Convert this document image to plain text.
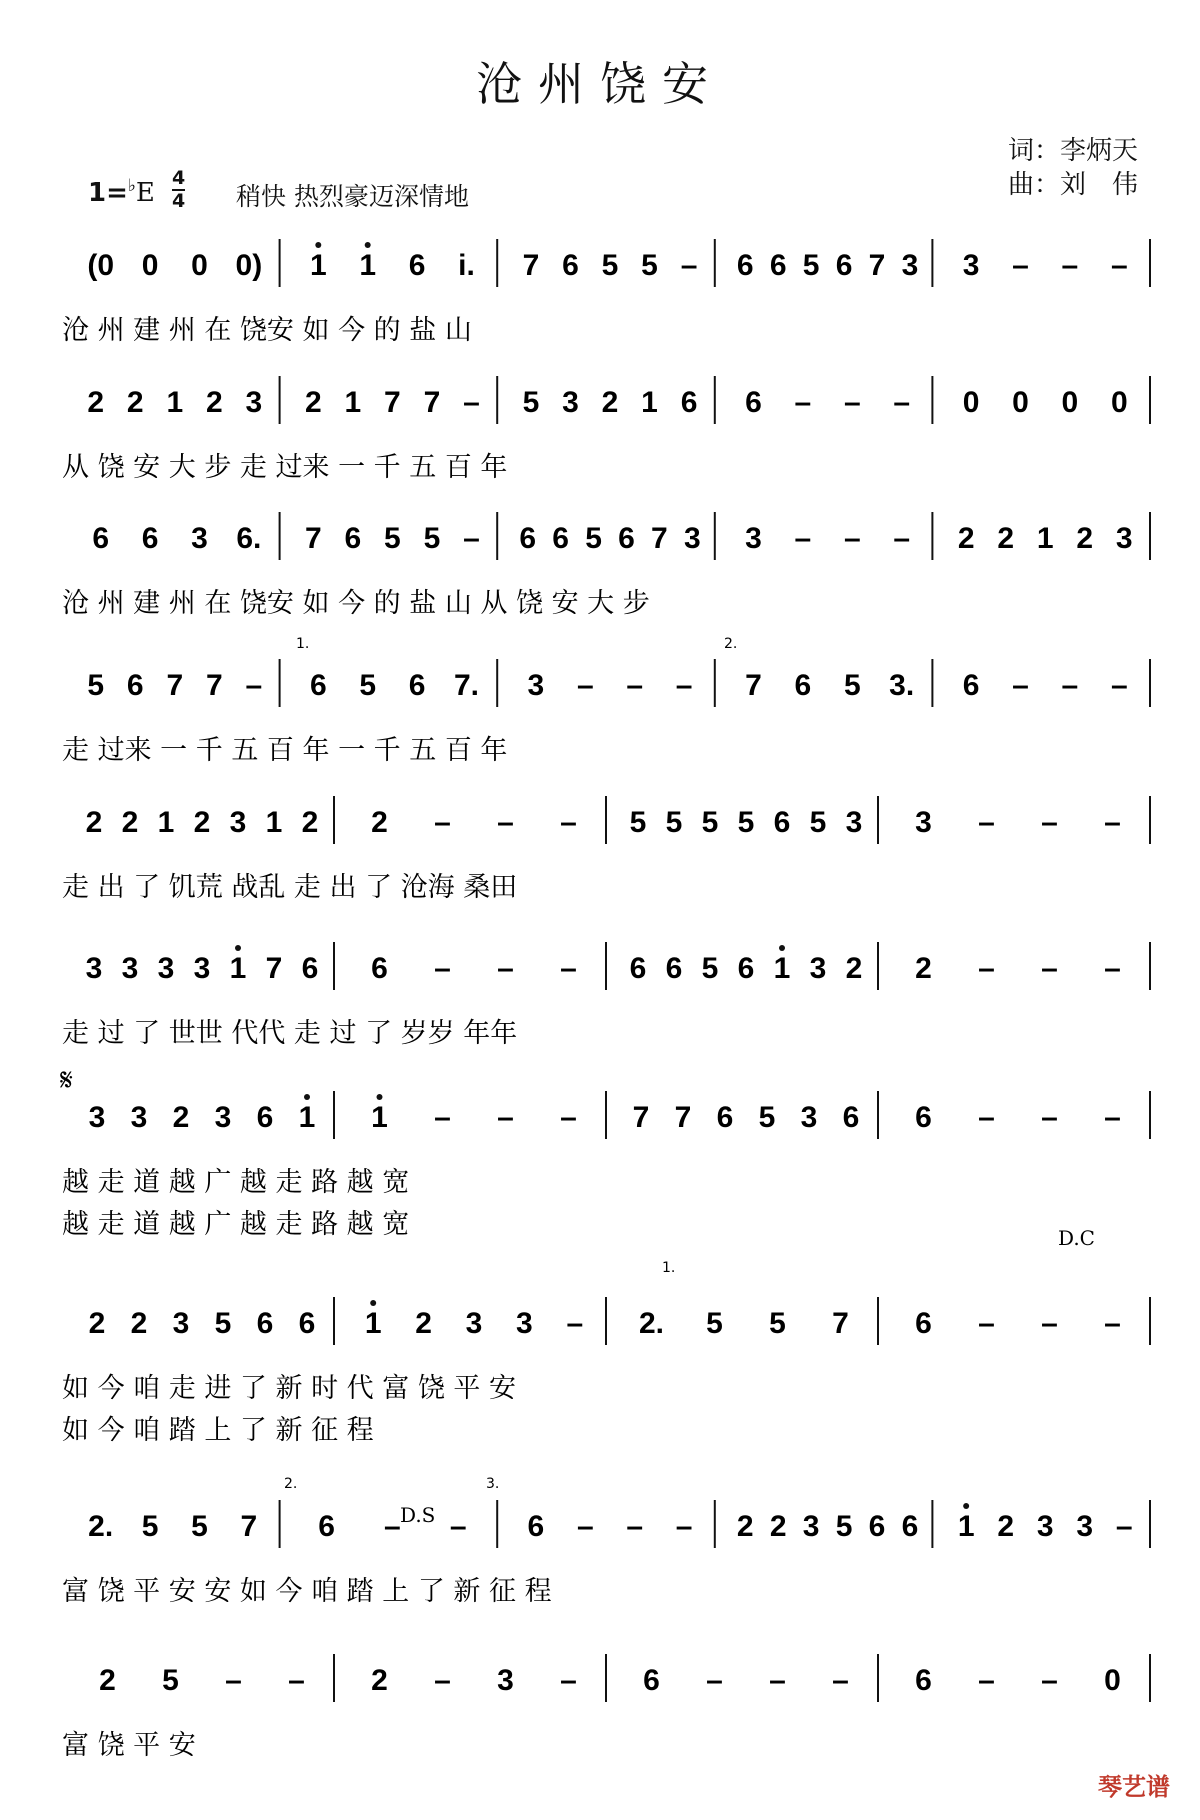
沧州饶安
词：李炳天
曲：刘　伟
1=♭E 4
4 稍快 热烈豪迈深情地
(0 0 0 0) 1 1 6 i. 7 6 5 5 – 6 6 5 6 7 3 3 – – –
沧 州 建 州 在 饶安 如 今 的 盐 山
2 2 1 2 3 2 1 7 7 – 5 3 2 1 6 6 – – – 0 0 0 0
从 饶 安 大 步 走 过来 一 千 五 百 年
6 6 3 6. 7 6 5 5 – 6 6 5 6 7 3 3 – – – 2 2 1 2 3
沧 州 建 州 在 饶安 如 今 的 盐 山 从 饶 安 大 步
5 6 7 7 – 6 5 6 7. 3 – – – 7 6 5 3. 6 – – –
走 过来 一 千 五 百 年 一 千 五 百 年
2 2 1 2 3 1 2 2 – – – 5 5 5 5 6 5 3 3 – – –
走 出 了 饥荒 战乱 走 出 了 沧海 桑田
3 3 3 3 1 7 6 6 – – – 6 6 5 6 1 3 2 2 – – –
走 过 了 世世 代代 走 过 了 岁岁 年年
3 3 2 3 6 1 1 – – – 7 7 6 5 3 6 6 – – –
越 走 道 越 广 越 走 路 越 宽
越 走 道 越 广 越 走 路 越 宽
2 2 3 5 6 6 1 2 3 3 – 2. 5 5 7 6 – – –
如 今 咱 走 进 了 新 时 代 富 饶 平 安
如 今 咱 踏 上 了 新 征 程
2. 5 5 7 6 – – 6 – – – 2 2 3 5 6 6 1 2 3 3 –
富 饶 平 安 安 如 今 咱 踏 上 了 新 征 程
2 5 – – 2 – 3 – 6 – – – 6 – – 0
富 饶 平 安
𝄋
D.C
D.S
1.	2.
1.
2.	3.
琴艺谱
